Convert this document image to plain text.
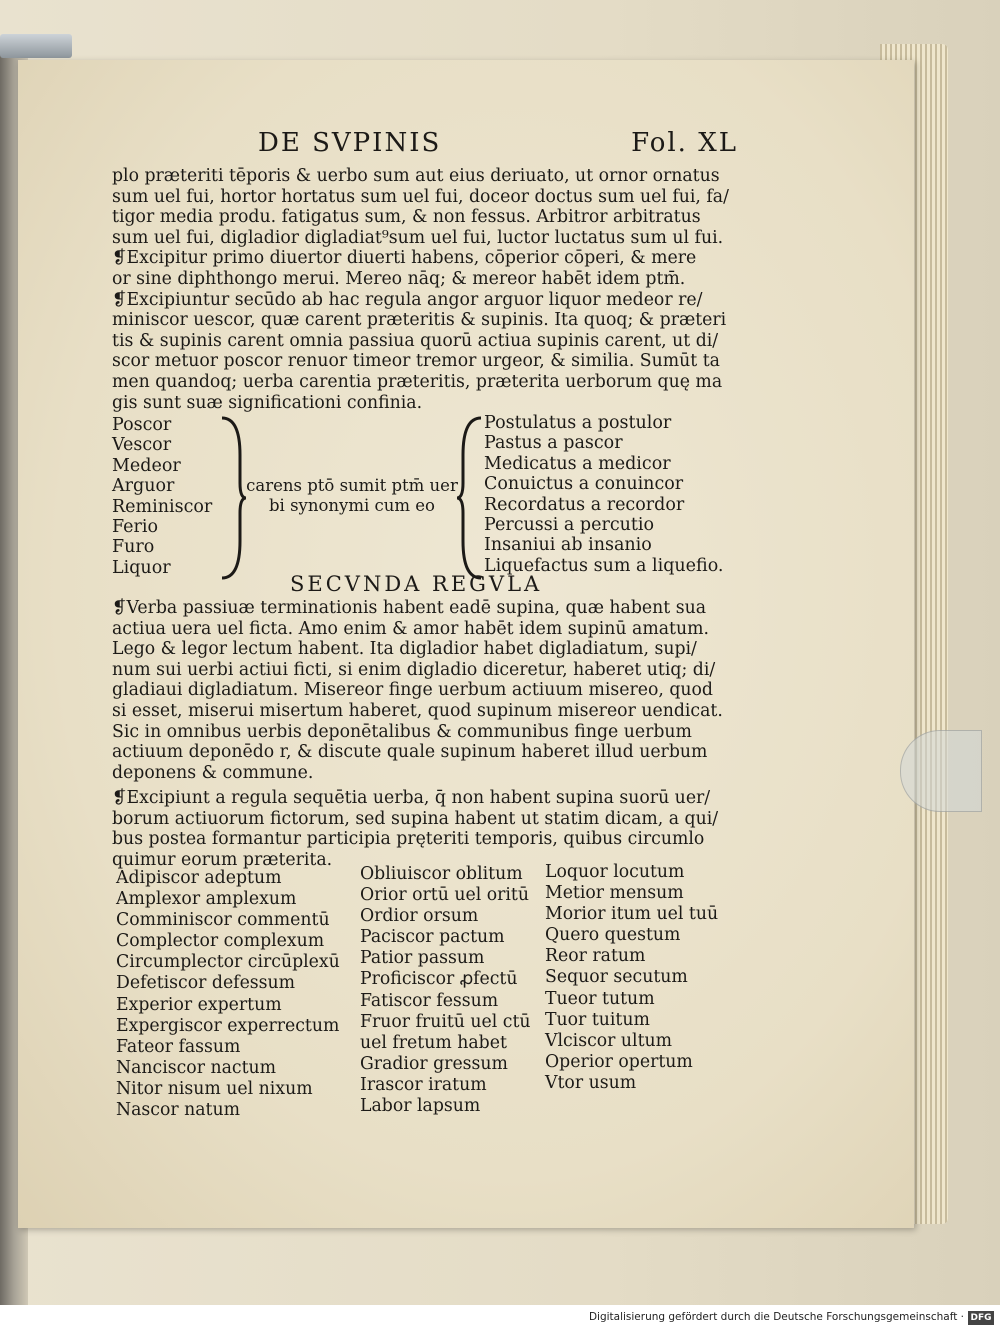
DE SVPINIS	Fol. XL
plo præteriti tēporis & uerbo sum aut eius deriuato, ut ornor ornatus
sum uel fui, hortor hortatus sum uel fui, doceor doctus sum uel fui, fa/
tigor media produ. fatigatus sum, & non fessus. Arbitror arbitratus
sum uel fui, digladior digladiat⁹sum uel fui, luctor luctatus sum ul fui.
❡Excipitur primo diuertor diuerti habens, cōperior cōperi, & mere
or sine diphthongo merui. Mereo nāq; & mereor habēt idem ptm̄.
❡Excipiuntur secūdo ab hac regula angor arguor liquor medeor re/
miniscor uescor, quæ carent præteritis & supinis. Ita quoq; & præteri
tis & supinis carent omnia passiua quorū actiua supinis carent, ut di/
scor metuor poscor renuor timeor tremor urgeor, & similia. Sumūt ta
men quandoq; uerba carentia præteritis, præterita uerborum quę ma
gis sunt suæ significationi confinia.
Poscor
Vescor
Medeor
Arguor
Reminiscor
Ferio
Furo
Liquor
carens ptō sumit ptm̄ uer
bi synonymi cum eo
Postulatus a postulor
Pastus a pascor
Medicatus a medicor
Conuictus a conuincor
Recordatus a recordor
Percussi a percutio
Insaniui ab insanio
Liquefactus sum a liquefio.
SECVNDA REGVLA
❡Verba passiuæ terminationis habent eadē supina, quæ habent sua
actiua uera uel ficta. Amo enim & amor habēt idem supinū amatum.
Lego & legor lectum habent. Ita digladior habet digladiatum, supi/
num sui uerbi actiui ficti, si enim digladio diceretur, haberet utiq; di/
gladiaui digladiatum. Misereor finge uerbum actiuum misereo, quod
si esset, miserui misertum haberet, quod supinum misereor uendicat.
Sic in omnibus uerbis deponētalibus & communibus finge uerbum
actiuum deponēdo r, & discute quale supinum haberet illud uerbum
deponens & commune.
❡Excipiunt a regula sequētia uerba, q̄ non habent supina suorū uer/
borum actiuorum fictorum, sed supina habent ut statim dicam, a qui/
bus postea formantur participia pręteriti temporis, quibus circumlo
quimur eorum præterita.
Adipiscor adeptum
Amplexor amplexum
Comminiscor commentū
Complector complexum
Circumplector circūplexū
Defetiscor defessum
Experior expertum
Expergiscor experrectum
Fateor fassum
Nanciscor nactum
Nitor nisum uel nixum
Nascor natum
Obliuiscor oblitum
Orior ortū uel oritū
Ordior orsum
Paciscor pactum
Patior passum
Proficiscor ꝓfectū
Fatiscor fessum
Fruor fruitū uel ctū
uel fretum habet
Gradior gressum
Irascor iratum
Labor lapsum
Loquor locutum
Metior mensum
Morior itum uel tuū
Quero questum
Reor ratum
Sequor secutum
Tueor tutum
Tuor tuitum
Vlciscor ultum
Operior opertum
Vtor usum
Digitalisierung gefördert durch die Deutsche Forschungsgemeinschaft · DFG
